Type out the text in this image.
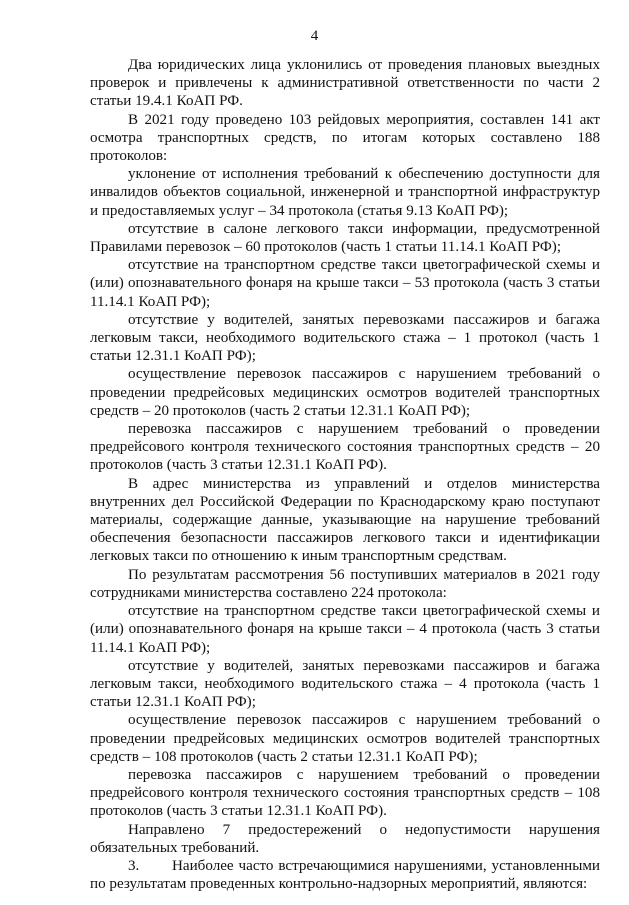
4

Два юридических лица уклонились от проведения плановых выездных проверок и привлечены к административной ответственности по части 2 статьи 19.4.1 КоАП РФ.

В 2021 году проведено 103 рейдовых мероприятия, составлен 141 акт осмотра транспортных средств, по итогам которых составлено 188 протоколов:

уклонение от исполнения требований к обеспечению доступности для инвалидов объектов социальной, инженерной и транспортной инфраструктур и предоставляемых услуг – 34 протокола (статья 9.13 КоАП РФ);

отсутствие в салоне легкового такси информации, предусмотренной Правилами перевозок – 60 протоколов (часть 1 статьи 11.14.1 КоАП РФ);

отсутствие на транспортном средстве такси цветографической схемы и (или) опознавательного фонаря на крыше такси – 53 протокола (часть 3 статьи 11.14.1 КоАП РФ);

отсутствие у водителей, занятых перевозками пассажиров и багажа легковым такси, необходимого водительского стажа – 1 протокол (часть 1 статьи 12.31.1 КоАП РФ);

осуществление перевозок пассажиров с нарушением требований о проведении предрейсовых медицинских осмотров водителей транспортных средств – 20 протоколов (часть 2 статьи 12.31.1 КоАП РФ);

перевозка пассажиров с нарушением требований о проведении предрейсового контроля технического состояния транспортных средств – 20 протоколов (часть 3 статьи 12.31.1 КоАП РФ).

В адрес министерства из управлений и отделов министерства внутренних дел Российской Федерации по Краснодарскому краю поступают материалы, содержащие данные, указывающие на нарушение требований обеспечения безопасности пассажиров легкового такси и идентификации легковых такси по отношению к иным транспортным средствам.

По результатам рассмотрения 56 поступивших материалов в 2021 году сотрудниками министерства составлено 224 протокола:

отсутствие на транспортном средстве такси цветографической схемы и (или) опознавательного фонаря на крыше такси – 4 протокола (часть 3 статьи 11.14.1 КоАП РФ);

отсутствие у водителей, занятых перевозками пассажиров и багажа легковым такси, необходимого водительского стажа – 4 протокола (часть 1 статьи 12.31.1 КоАП РФ);

осуществление перевозок пассажиров с нарушением требований о проведении предрейсовых медицинских осмотров водителей транспортных средств – 108 протоколов (часть 2 статьи 12.31.1 КоАП РФ);

перевозка пассажиров с нарушением требований о проведении предрейсового контроля технического состояния транспортных средств – 108 протоколов (часть 3 статьи 12.31.1 КоАП РФ).

Направлено 7 предостережений о недопустимости нарушения обязательных требований.

3. Наиболее часто встречающимися нарушениями, установленными по результатам проведенных контрольно-надзорных мероприятий, являются:
